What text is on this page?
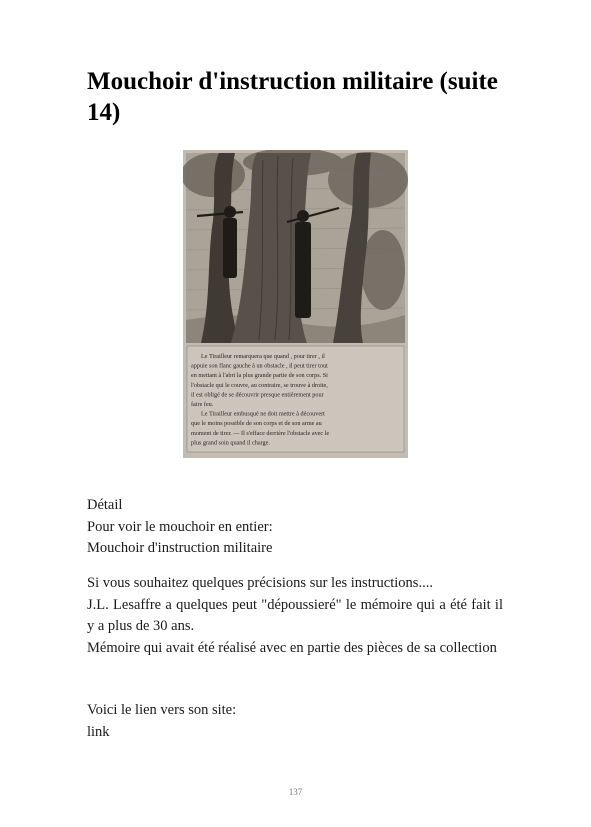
Mouchoir d'instruction militaire (suite 14)
Le Tirailleur remarquera que quand , pour tirer , il
appuie son flanc gauche à un obstacle , il peut tirer tout
en mettant à l'abri la plus grande partie de son corps. Si
l'obstacle qui le couvre, au contraire, se trouve à droite,
il est obligé de se découvrir presque entièrement pour
faire feu.
Le Tirailleur embusqué ne doit mettre à découvert
que le moins possible de son corps et de son arme au
moment de tirer. — Il s'efface derrière l'obstacle avec le
plus grand soin quand il charge.

Détail

Pour voir le mouchoir en entier:

Mouchoir d'instruction militaire

Si vous souhaitez quelques précisions sur les instructions....

J.L. Lesaffre a quelques peut "dépoussieré" le mémoire qui a été fait il y a plus de 30 ans.

Mémoire qui avait été réalisé avec en partie des pièces de sa collection

Voici le lien vers son site:

link

137
